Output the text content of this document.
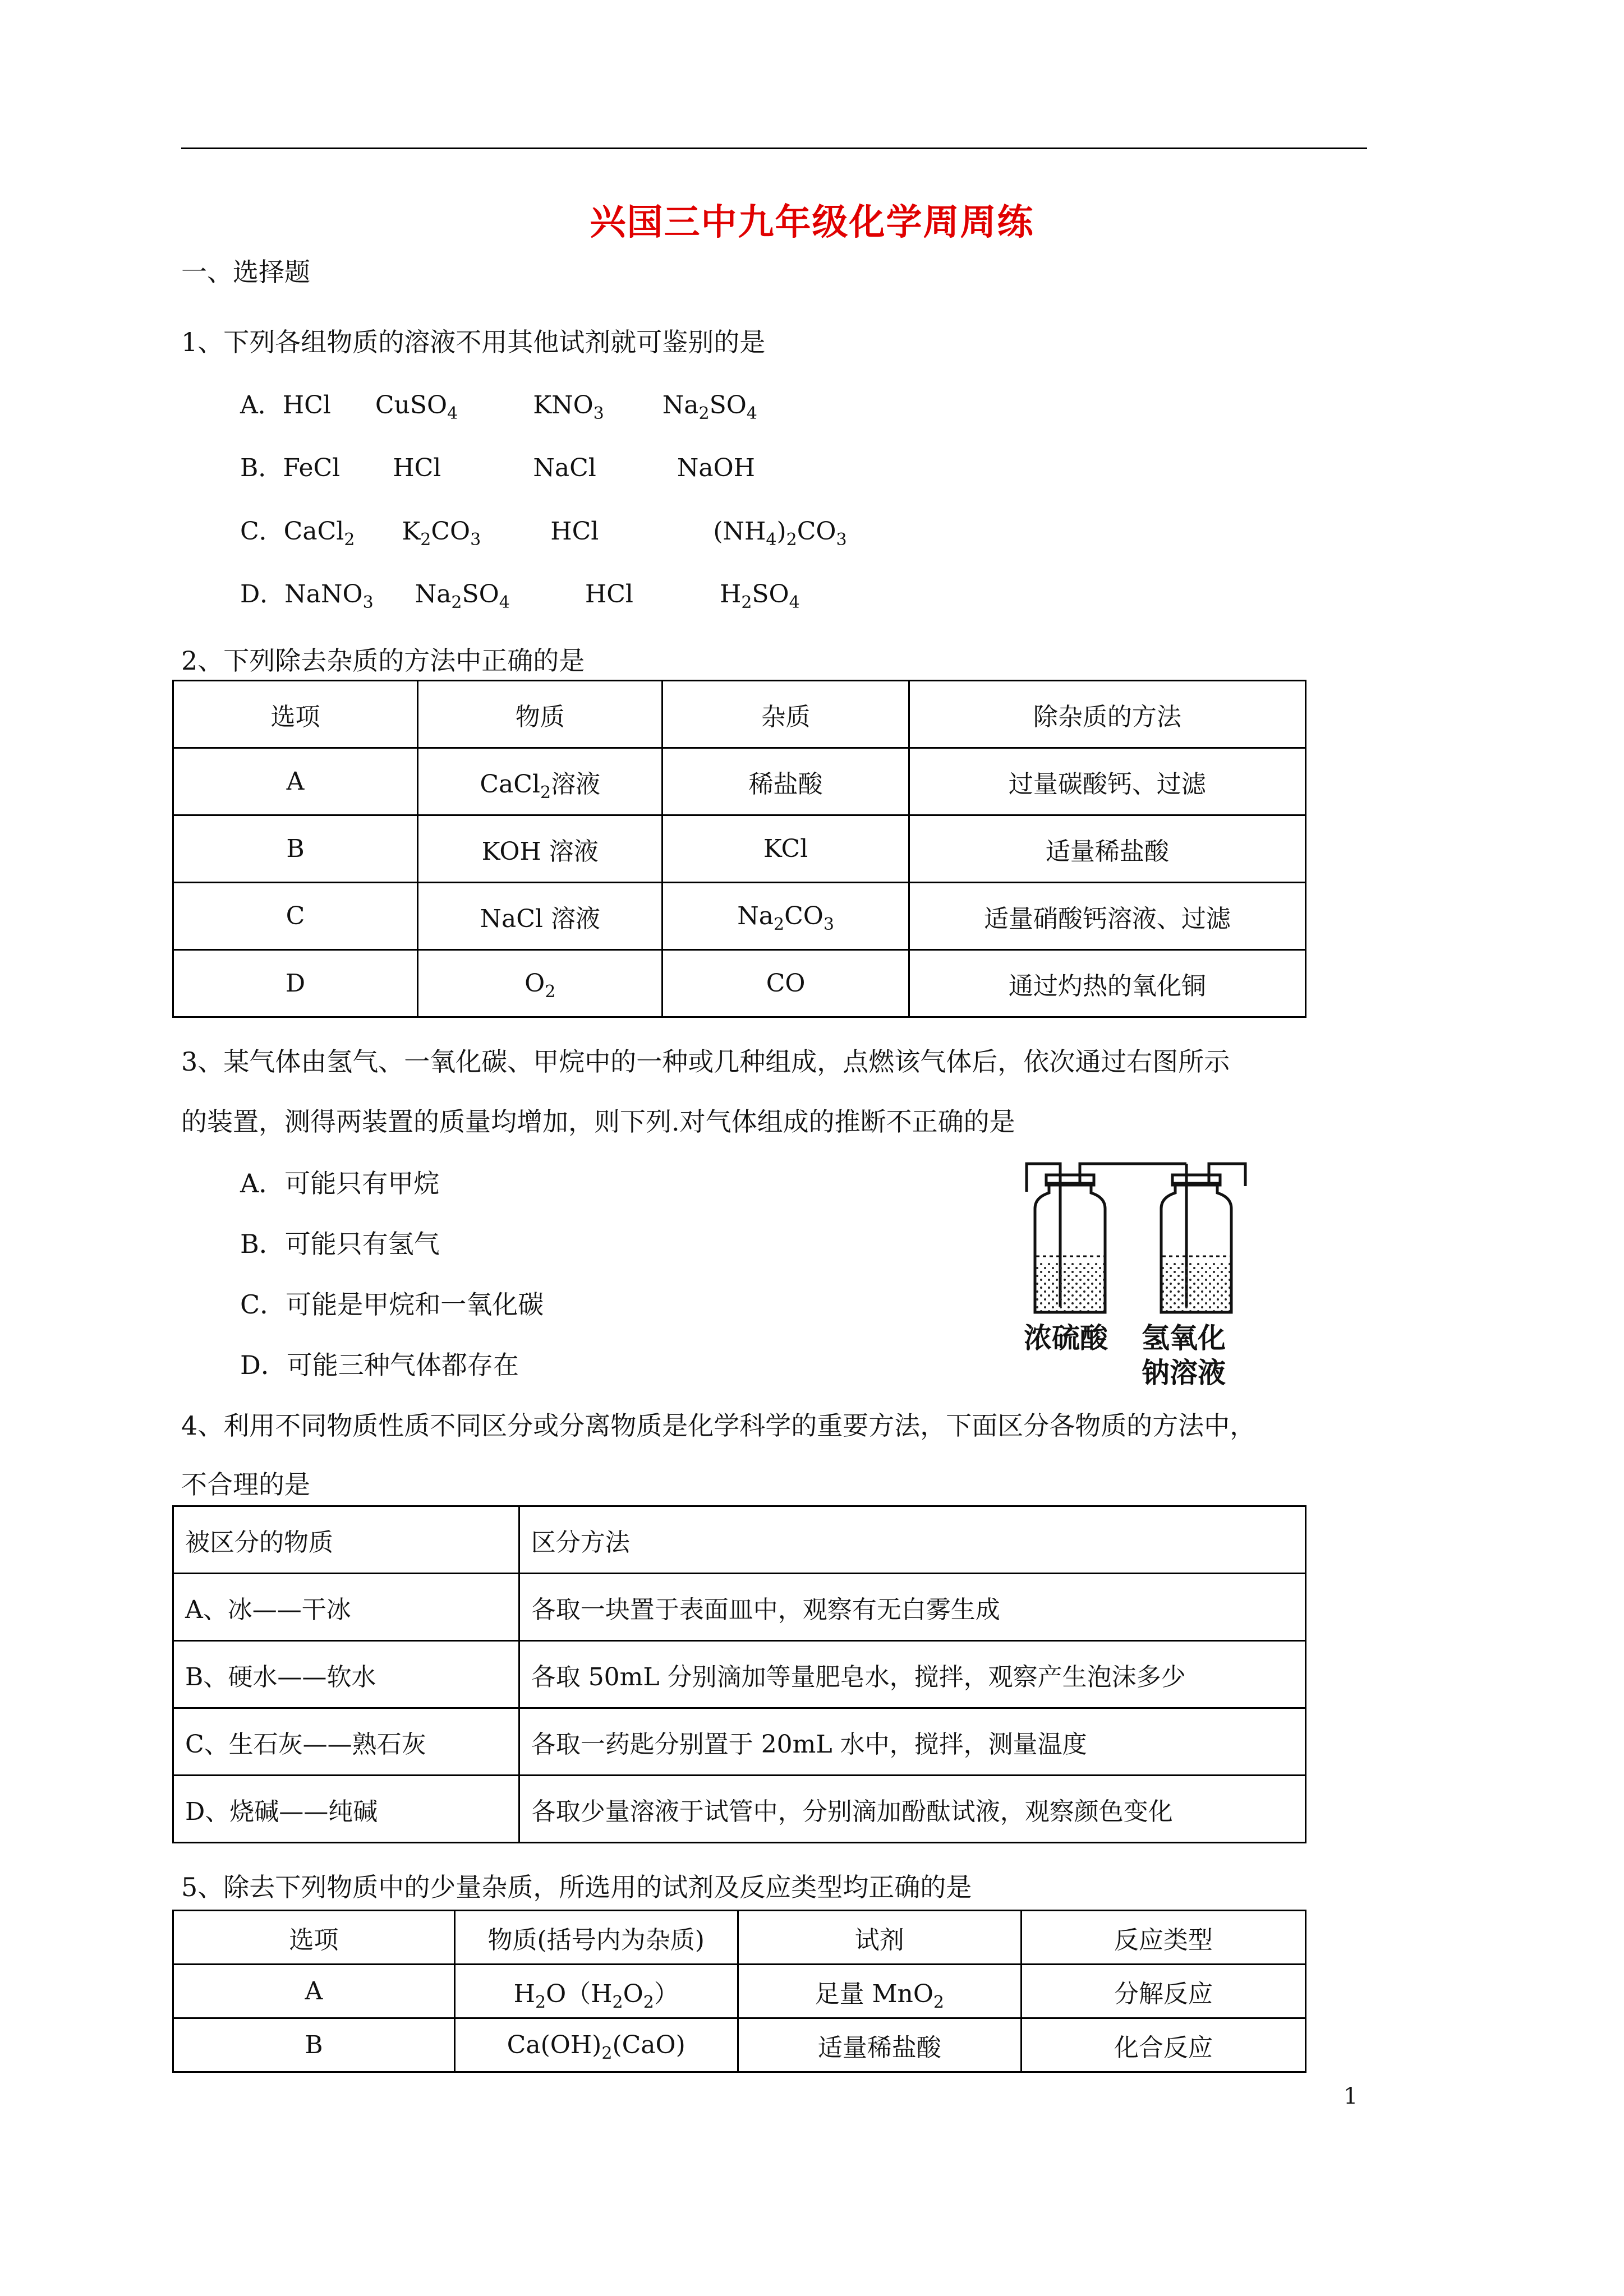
兴国三中九年级化学周周练
一、选择题
1、下列各组物质的溶液不用其他试剂就可鉴别的是
A．HCl CuSO$_4$	$KNO_3$ $Na_2SO_4$
B．FeCl HCl	NaCl	NaOH
C．CaCl$_2$ $K_2CO_3$	HCl	$(NH_4)_2CO_3$
D．NaNO$_3$ $Na_2SO_4$	HCl	$H_2SO_4$
2、下列除去杂质的方法中正确的是
选项	物质	杂质	除杂质的方法
A	CaCl$_2$溶液	稀盐酸	过量碳酸钙、过滤
B	KOH 溶液	KCl	适量稀盐酸
C	NaCl 溶液	$Na_2CO_3$	适量硝酸钙溶液、过滤
D	$O_2$	CO	通过灼热的氧化铜
3、某气体由氢气、一氧化碳、甲烷中的一种或几种组成，点燃该气体后，依次通过右图所示
的装置，测得两装置的质量均增加，则下列.对气体组成的推断不正确的是
A．可能只有甲烷
B．可能只有氢气
C．可能是甲烷和一氧化碳
D．可能三种气体都存在
浓硫酸 氢氧化
钠溶液
4、利用不同物质性质不同区分或分离物质是化学科学的重要方法，下面区分各物质的方法中，
不合理的是
被区分的物质	区分方法
A、冰——干冰	各取一块置于表面皿中，观察有无白雾生成
B、硬水——软水	各取 50mL 分别滴加等量肥皂水，搅拌，观察产生泡沫多少
C、生石灰——熟石灰	各取一药匙分别置于 20mL 水中，搅拌，测量温度
D、烧碱——纯碱	各取少量溶液于试管中，分别滴加酚酞试液，观察颜色变化
5、除去下列物质中的少量杂质，所选用的试剂及反应类型均正确的是
选项	物质(括号内为杂质)	试剂	反应类型
A	$H_2O(H_2O_2)$	足量 MnO$_2$	分解反应
B	$Ca(OH)_2(CaO)$	适量稀盐酸	化合反应
1
